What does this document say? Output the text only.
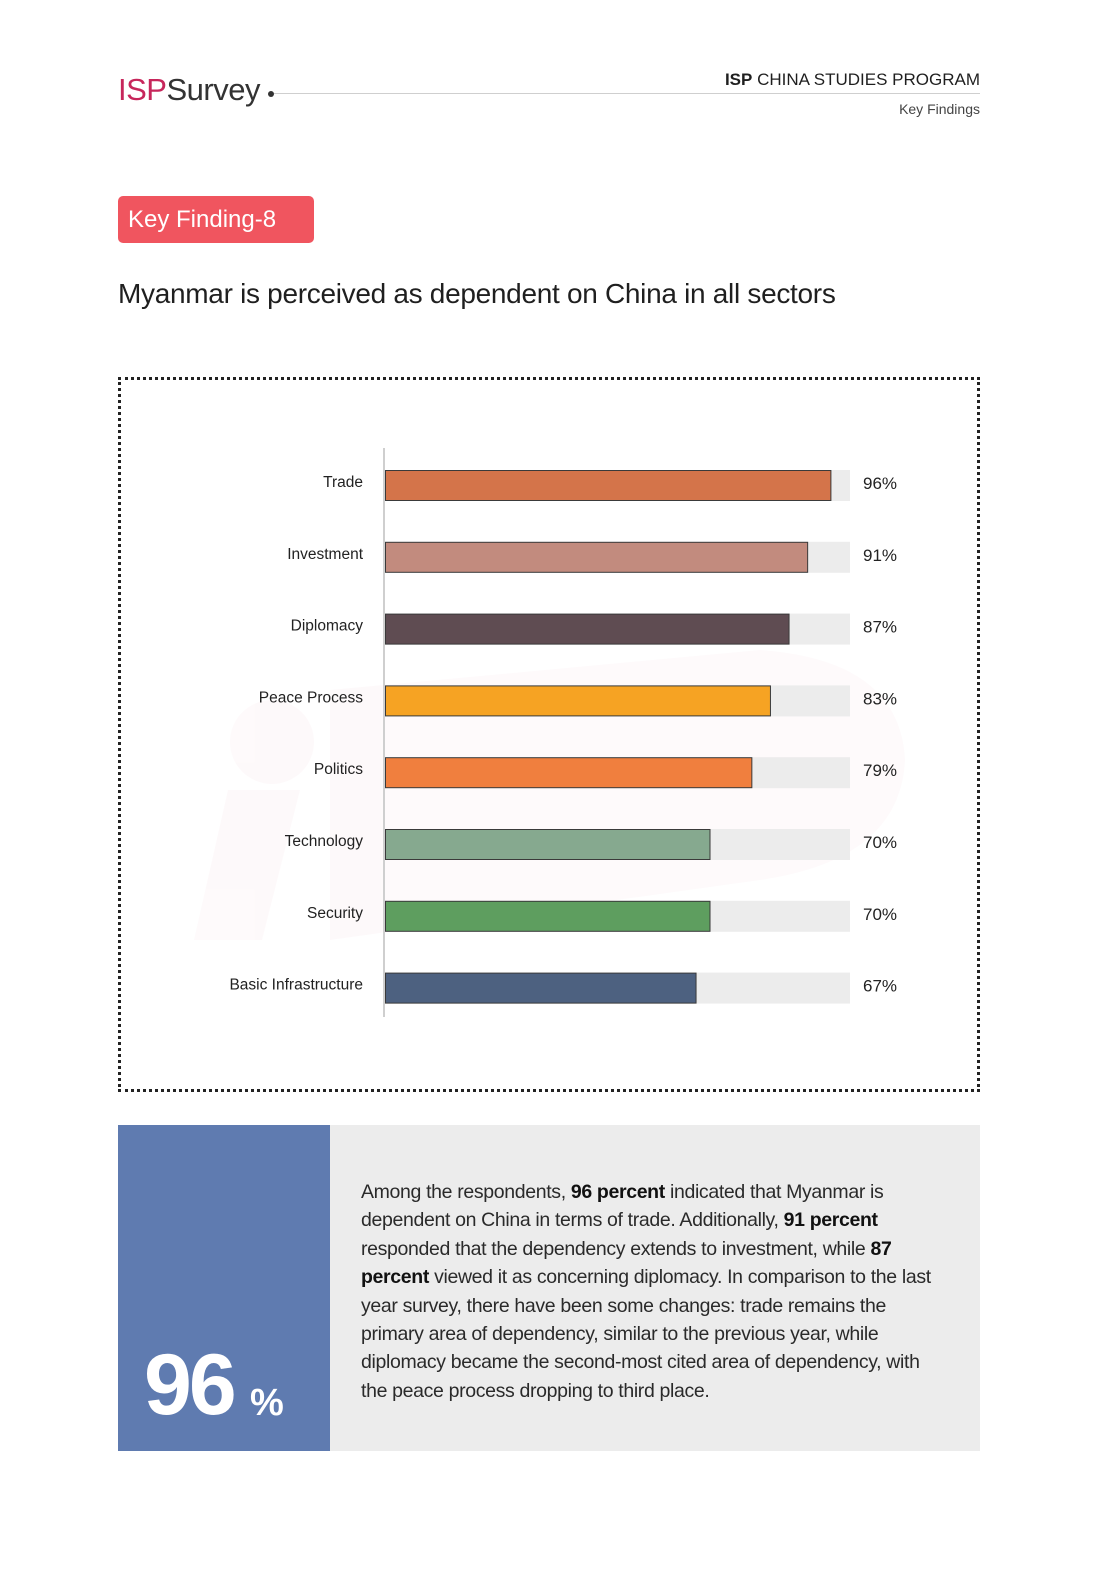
ISPSurvey	ISP CHINA STUDIES PROGRAM
Key Findings
Key Finding-8
Myanmar is perceived as dependent on China in all sectors
Trade	96%
Investment	91%
Diplomacy	87%
Peace Process	83%
Politics	79%
Technology	70%
Security	70%
Basic Infrastructure	67%
96 %
Among the respondents, 96 percent indicated that Myanmar is dependent on China in terms of trade. Additionally, 91 percent responded that the dependency extends to investment, while 87 percent viewed it as concerning diplomacy. In comparison to the last year survey, there have been some changes: trade remains the primary area of dependency, similar to the previous year, while diplomacy became the second-most cited area of dependency, with the peace process dropping to third place.
